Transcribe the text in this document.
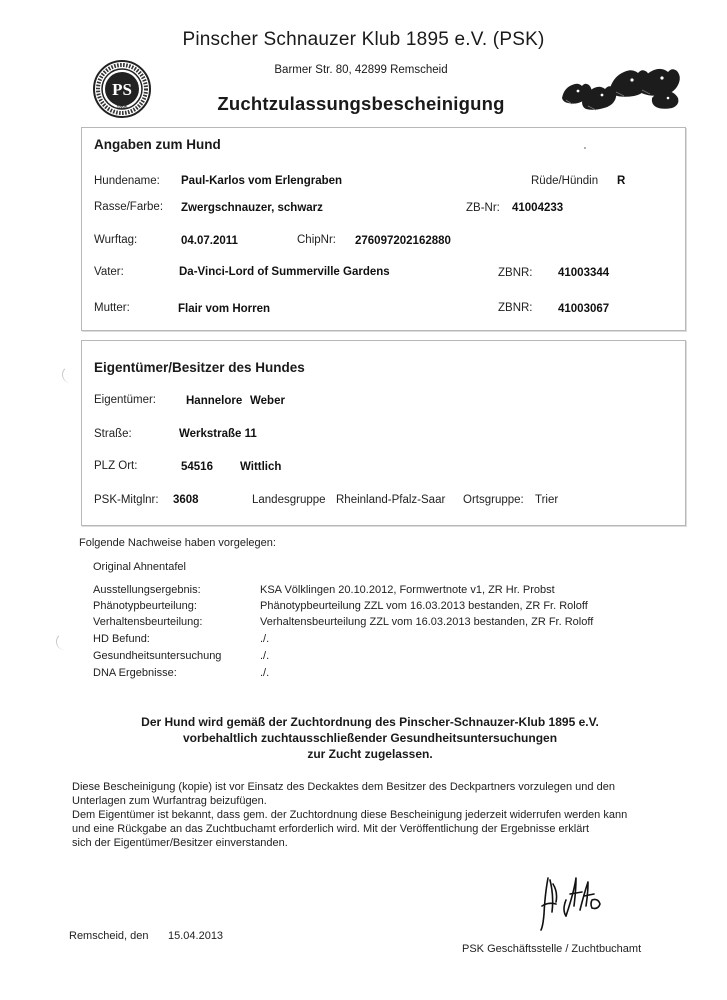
Pinscher Schnauzer Klub 1895 e.V. (PSK)
Barmer Str. 80, 42899 Remscheid
Zuchtzulassungsbescheinigung
PS
1895
Angaben zum Hund
Hundename: Paul-Karlos vom Erlengraben	Rüde/Hündin R
Rasse/Farbe: Zwergschnauzer, schwarz	ZB-Nr: 41004233
Wurftag:	04.07.2011	ChipNr: 276097202162880
Vater:	Da-Vinci-Lord of Summerville Gardens	ZBNR: 41003344
Mutter:	Flair vom Horren	ZBNR: 41003067
Eigentümer/Besitzer des Hundes
Eigentümer:	Hannelore Weber
Straße:	Werkstraße 11
PLZ Ort:	54516 Wittlich
PSK-Mitglnr: 3608	Landesgruppe Rheinland-Pfalz-Saar Ortsgruppe: Trier
Folgende Nachweise haben vorgelegen:
Original Ahnentafel
Ausstellungsergebnis:	KSA Völklingen 20.10.2012, Formwertnote v1, ZR Hr. Probst
Phänotypbeurteilung:	Phänotypbeurteilung ZZL vom 16.03.2013 bestanden, ZR Fr. Roloff
Verhaltensbeurteilung:	Verhaltensbeurteilung ZZL vom 16.03.2013 bestanden, ZR Fr. Roloff
HD Befund:	./.
Gesundheitsuntersuchung	./.
DNA Ergebnisse:	./.
Der Hund wird gemäß der Zuchtordnung des Pinscher-Schnauzer-Klub 1895 e.V.
vorbehaltlich zuchtausschließender Gesundheitsuntersuchungen
zur Zucht zugelassen.
Diese Bescheinigung (kopie) ist vor Einsatz des Deckaktes dem Besitzer des Deckpartners vorzulegen und den
Unterlagen zum Wurfantrag beizufügen.
Dem Eigentümer ist bekannt, dass gem. der Zuchtordnung diese Bescheinigung jederzeit widerrufen werden kann
und eine Rückgabe an das Zuchtbuchamt erforderlich wird. Mit der Veröffentlichung der Ergebnisse erklärt
sich der Eigentümer/Besitzer einverstanden.
Remscheid, den 15.04.2013
PSK Geschäftsstelle / Zuchtbuchamt
